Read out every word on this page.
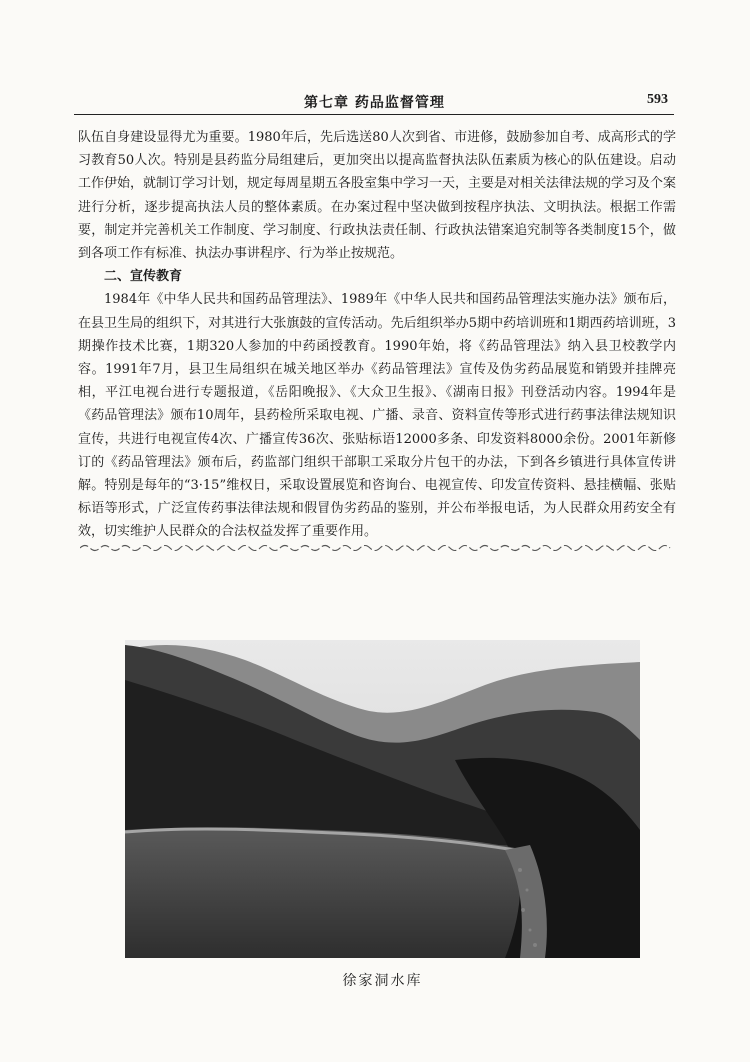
第七章 药品监督管理	593

队伍自身建设显得尤为重要。1980年后，先后选送80人次到省、市进修，鼓励参加自考、成高形式的学习教育50人次。特别是县药监分局组建后，更加突出以提高监督执法队伍素质为核心的队伍建设。启动工作伊始，就制订学习计划，规定每周星期五各股室集中学习一天，主要是对相关法律法规的学习及个案进行分析，逐步提高执法人员的整体素质。在办案过程中坚决做到按程序执法、文明执法。根据工作需要，制定并完善机关工作制度、学习制度、行政执法责任制、行政执法错案追究制等各类制度15个，做到各项工作有标准、执法办事讲程序、行为举止按规范。

二、宣传教育

1984年《中华人民共和国药品管理法》、1989年《中华人民共和国药品管理法实施办法》颁布后，在县卫生局的组织下，对其进行大张旗鼓的宣传活动。先后组织举办5期中药培训班和1期西药培训班，3期操作技术比赛，1期320人参加的中药函授教育。1990年始，将《药品管理法》纳入县卫校教学内容。1991年7月，县卫生局组织在城关地区举办《药品管理法》宣传及伪劣药品展览和销毁并挂牌亮相，平江电视台进行专题报道，《岳阳晚报》、《大众卫生报》、《湖南日报》刊登活动内容。1994年是《药品管理法》颁布10周年，县药检所采取电视、广播、录音、资料宣传等形式进行药事法律法规知识宣传，共进行电视宣传4次、广播宣传36次、张贴标语12000多条、印发资料8000余份。2001年新修订的《药品管理法》颁布后，药监部门组织干部职工采取分片包干的办法，下到各乡镇进行具体宣传讲解。特别是每年的“3·15”维权日，采取设置展览和咨询台、电视宣传、印发宣传资料、悬挂横幅、张贴标语等形式，广泛宣传药事法律法规和假冒伪劣药品的鉴别，并公布举报电话，为人民群众用药安全有效，切实维护人民群众的合法权益发挥了重要作用。

徐家洞水库
